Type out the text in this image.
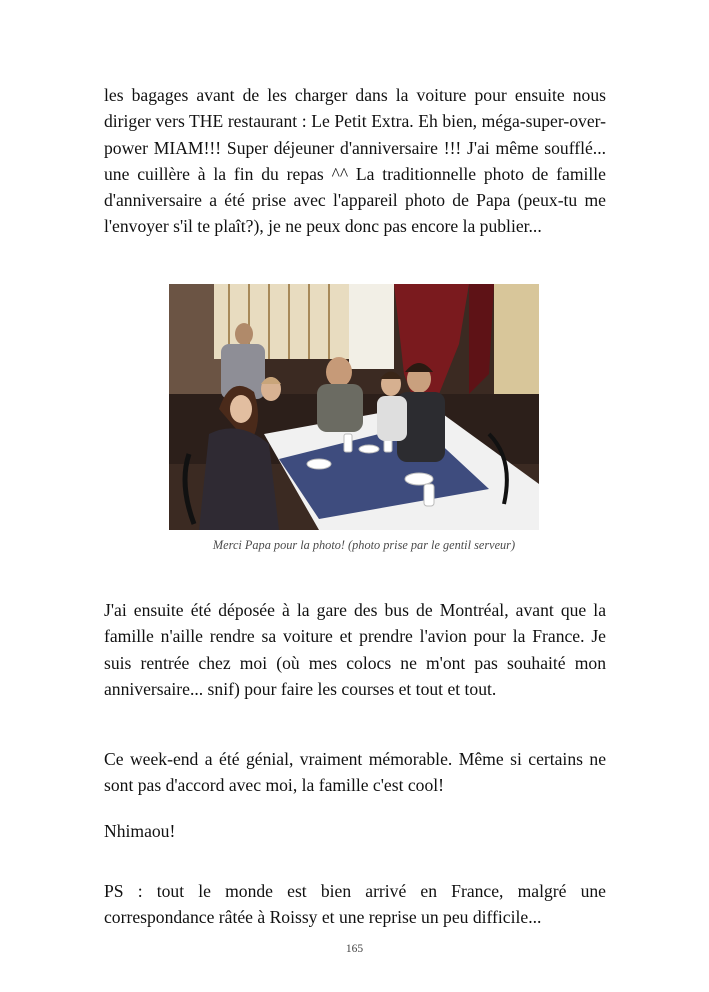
les bagages avant de les charger dans la voiture pour ensuite nous diriger vers THE restaurant : Le Petit Extra. Eh bien, méga-super-over-power MIAM!!! Super déjeuner d'anniversaire !!! J'ai même soufflé... une cuillère à la fin du repas ^^ La traditionnelle photo de famille d'anniversaire a été prise avec l'appareil photo de Papa (peux-tu me l'envoyer s'il te plaît?), je ne peux donc pas encore la publier...

Merci Papa pour la photo! (photo prise par le gentil serveur)

J'ai ensuite été déposée à la gare des bus de Montréal, avant que la famille n'aille rendre sa voiture et prendre l'avion pour la France. Je suis rentrée chez moi (où mes colocs ne m'ont pas souhaité mon anniversaire... snif) pour faire les courses et tout et tout.

Ce week-end a été génial, vraiment mémorable. Même si certains ne sont pas d'accord avec moi, la famille c'est cool!

Nhimaou!

PS : tout le monde est bien arrivé en France, malgré une correspondance râtée à Roissy et une reprise un peu difficile...

165
